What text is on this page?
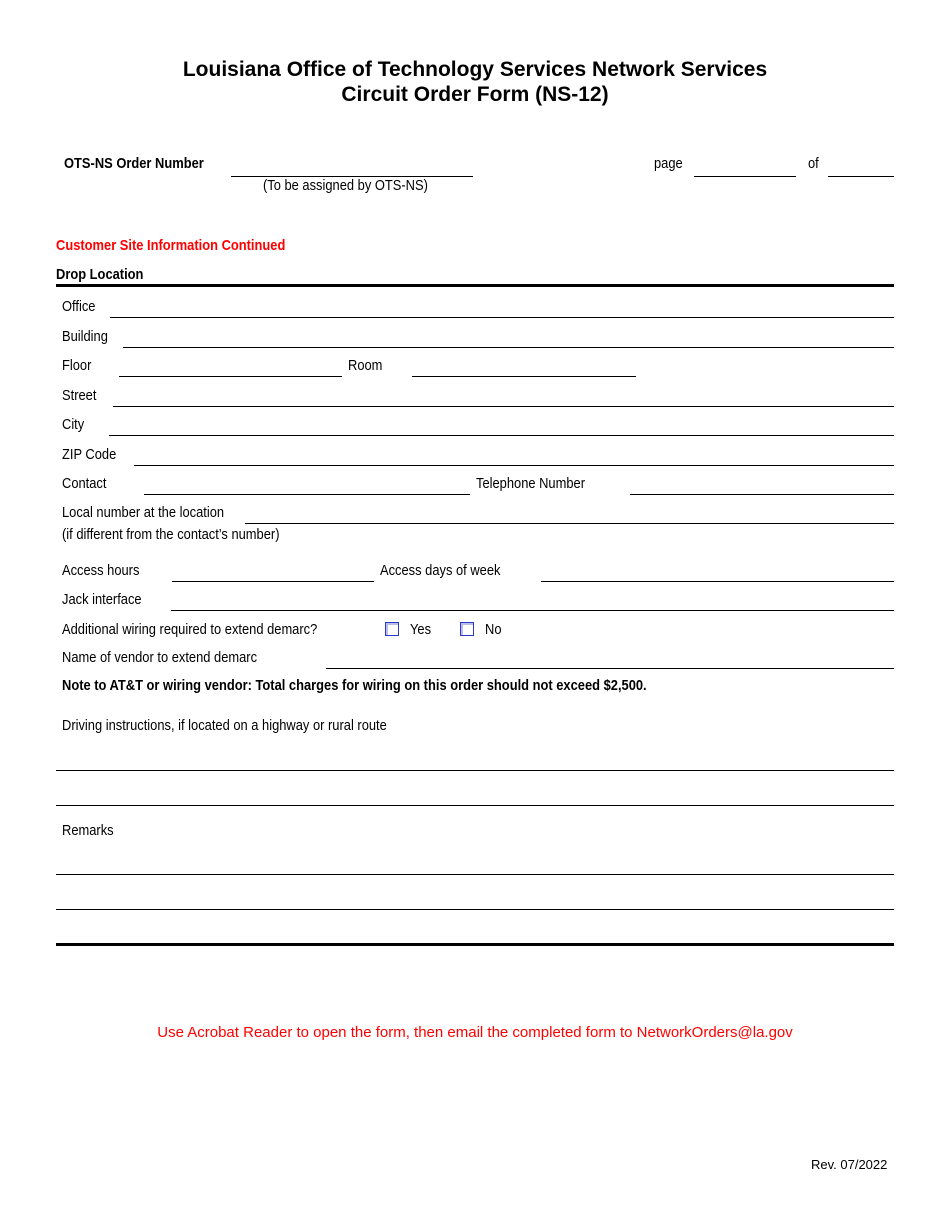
Louisiana Office of Technology Services Network Services
Circuit Order Form (NS-12)
OTS-NS Order Number
(To be assigned by OTS-NS)
page	of
Customer Site Information Continued
Drop Location
Office
Building
Floor	Room
Street
City
ZIP Code
Contact	Telephone Number
Local number at the location
(if different from the contact’s number)
Access hours	Access days of week
Jack interface
Additional wiring required to extend demarc?	Yes	No
Name of vendor to extend demarc
Note to AT&T or wiring vendor: Total charges for wiring on this order should not exceed $2,500.
Driving instructions, if located on a highway or rural route
Remarks
Use Acrobat Reader to open the form, then email the completed form to NetworkOrders@la.gov
Rev. 07/2022
